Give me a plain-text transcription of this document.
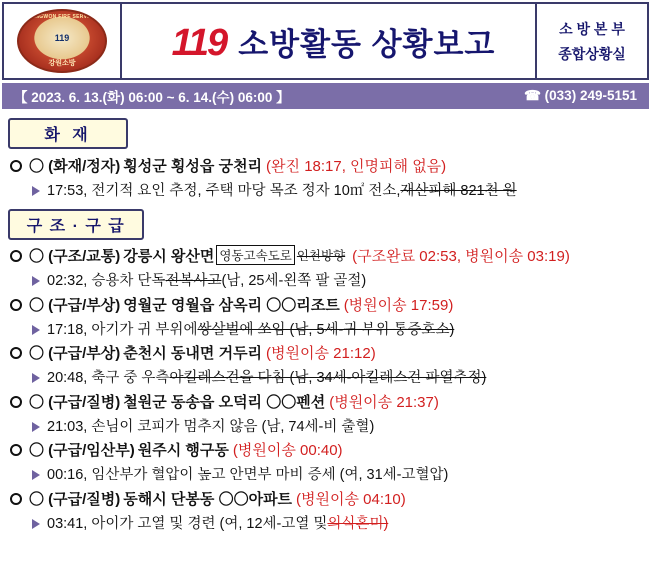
KANGWON FIRE SERVICE
119
강원소방	119 소방활동 상황보고	소 방 본 부
종합상황실
【 2023. 6. 13.(화) 06:00 ~ 6. 14.(수) 06:00 】	☎ (033) 249-5151
화 재
〇 (화재/정자) 횡성군 횡성읍 궁천리 (완진 18:17, 인명피해 없음)
17:53, 전기적 요인 추정, 주택 마당 목조 정자 10㎡ 전소, 재산피해 821천 원
구 조 · 구 급
〇 (구조/교통) 강릉시 왕산면 영동고속도로 인천방향 (구조완료 02:53, 병원이송 03:19)
02:32, 승용차 단독 전복사고 (남, 25세-왼쪽 팔 골절)
〇 (구급/부상) 영월군 영월읍 삼옥리 〇〇리조트 (병원이송 17:59)
17:18, 아기가 귀 부위에 쌍살벌에 쏘임 (남, 5세-귀 부위 통증호소)
〇 (구급/부상) 춘천시 동내면 거두리 (병원이송 21:12)
20:48, 축구 중 우측 아킬레스건을 다침 (남, 34세-아킬레스건 파열추정)
〇 (구급/질병) 철원군 동송읍 오덕리 〇〇펜션 (병원이송 21:37)
21:03, 손님이 코피가 멈추지 않음 (남, 74세-비 출혈)
〇 (구급/임산부) 원주시 행구동 (병원이송 00:40)
00:16, 임산부가 혈압이 높고 안면부 마비 증세 (여, 31세-고혈압)
〇 (구급/질병) 동해시 단봉동 〇〇아파트 (병원이송 04:10)
03:41, 아이가 고열 및 경련 (여, 12세-고열 및 의식혼미)
